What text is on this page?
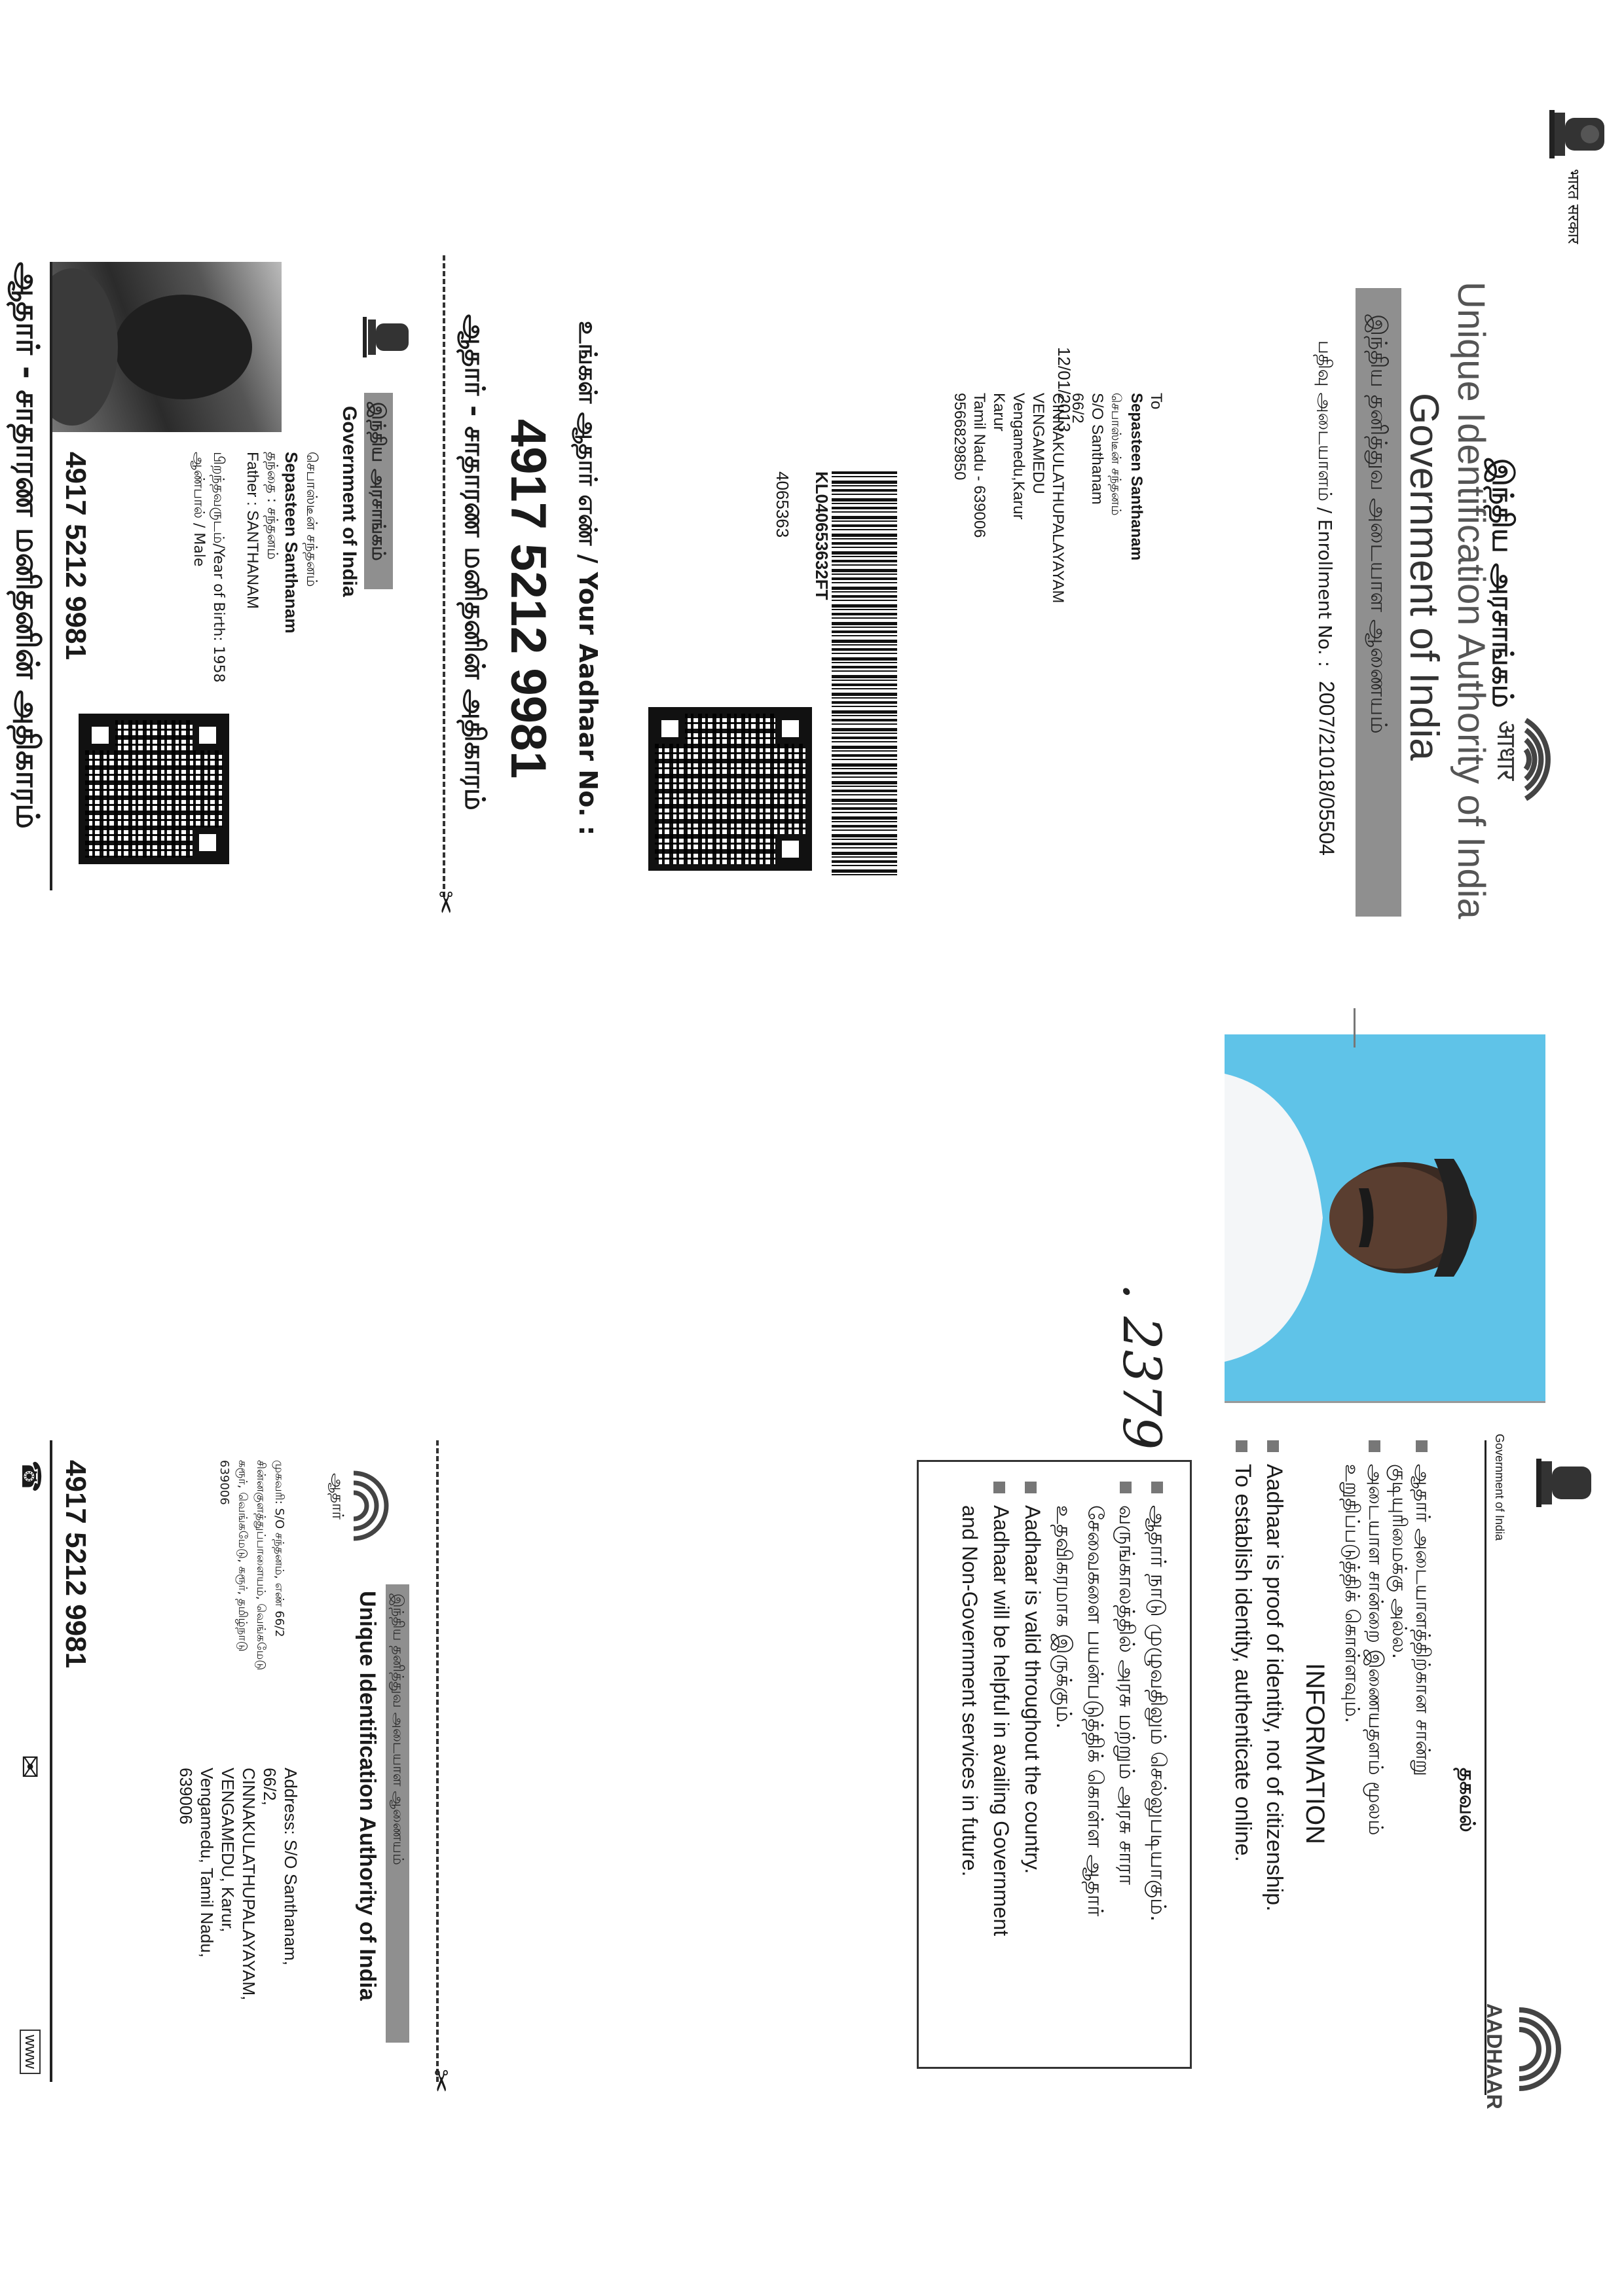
भारत सरकार
இந்திய அரசாங்கம்
Unique Identification Authority of India
Government of India
இந்திய தனித்துவ அடையாள ஆணையம்
आधार
பதிவு அடையாளம் / Enrollment No. :
2007/21018/05504
12/01/2013	To
Sepasteen Santhanam
செபாஸ்டீன் சந்தனம்
S/O Santhanam
66/2
CINNAKULATHUPALAYAYAM
VENGAMEDU
Vengamedu,Karur
Karur
Tamil Nadu - 639006
9566829850
KL040653632FT
4065363
உங்கள் ஆதார் எண் / Your Aadhaar No. :
4917 5212 9981
ஆதார் - சாதாரண மனிதனின் அதிகாரம்
✂
இந்திய அரசாங்கம்
Government of India
செபாஸ்டீன் சந்தனம்
Sepasteen Santhanam
தந்தை : சந்தனம்
Father : SANTHANAM
பிறந்தவருடம்/Year of Birth: 1958
ஆண்பால் / Male
4917 5212 9981
ஆதார் - சாதாரண மனிதனின் அதிகாரம்
. 2379
Government of India
தகவல்
AADHAAR
ஆதார் அடையாளத்திற்கான சான்று
குடியுரிமைக்கு அல்ல.
அடையாள சான்றை இணையதளம் மூலம்
உறுதிப்படுத்திக் கொள்ளவும்.
INFORMATION
Aadhaar is proof of identity, not of citizenship.
To establish identity, authenticate online.
ஆதார் நாடு முழுவதிலும் செல்லுபடியாகும்.
வருங்காலத்தில் அரசு மற்றும் அரசு சாரா
சேவைகளை பயன்படுத்திக் கொள்ள ஆதார்
உதவிகரமாக இருக்கும்.
Aadhaar is valid throughout the country.
Aadhaar will be helpful in availing Government
and Non-Government services in future.
✂
ஆதார்
இந்திய தனித்துவ அடையாள ஆணையம்
Unique Identification Authority of India
முகவரி: S/O சந்தனம், எண் 66/2
சின்னகுளத்துப்பாளையம், வெங்கமேடு
கரூர், வெங்கமேடு, கரூர், தமிழ்நாடு
639006
Address: S/O Santhanam,
66/2,
CINNAKULATHUPALAYAYAM,
VENGAMEDU, Karur,
Vengamedu, Tamil Nadu,
639006
4917 5212 9981
☎
✉
www
